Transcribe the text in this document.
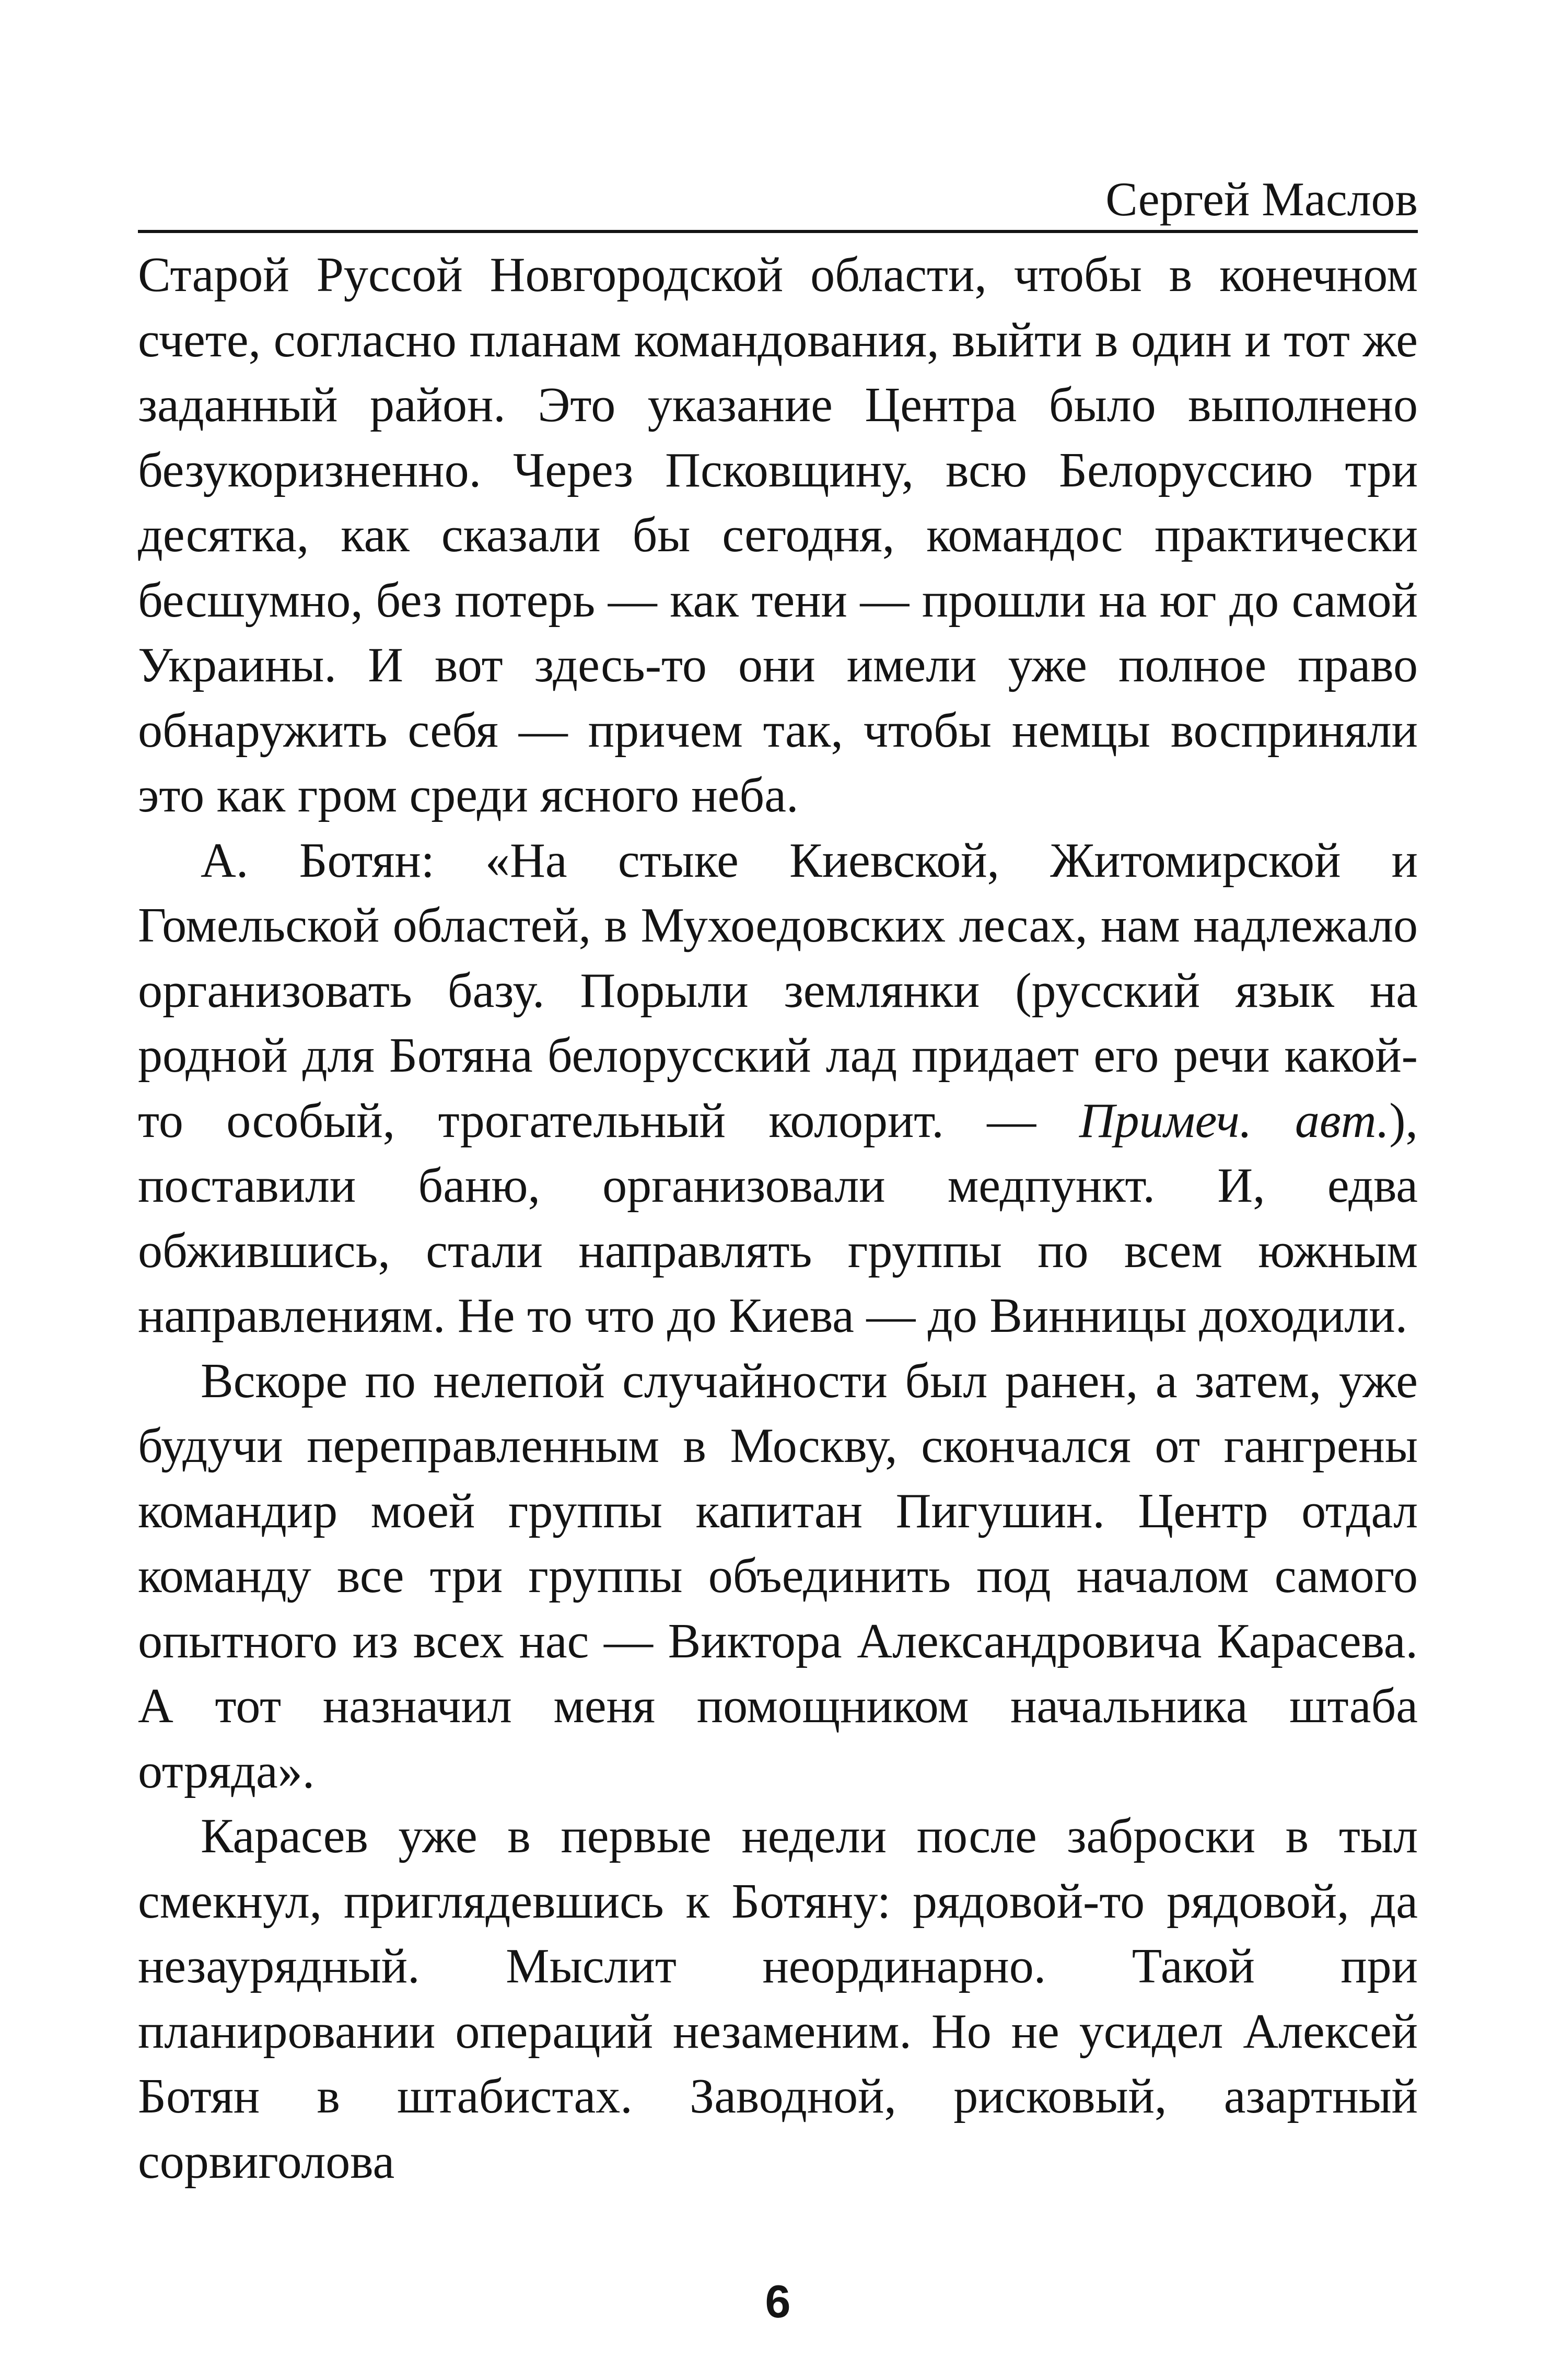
Сергей Маслов

Старой Руссой Новгородской области, чтобы в конечном счете, согласно планам командования, выйти в один и тот же заданный район. Это указание Центра было выполнено безукоризненно. Через Псковщину, всю Белоруссию три десятка, как сказали бы сегодня, командос практически бесшумно, без потерь — как тени — прошли на юг до самой Украины. И вот здесь-то они имели уже полное право обнаружить себя — причем так, чтобы немцы восприняли это как гром среди ясного неба.

А. Ботян: «На стыке Киевской, Житомирской и Гомельской областей, в Мухоедовских лесах, нам надлежало организовать базу. Порыли землянки (русский язык на родной для Ботяна белорусский лад придает его речи какой-то особый, трогательный колорит. — Примеч. авт.), поставили баню, организовали медпункт. И, едва обжившись, стали направлять группы по всем южным направлениям. Не то что до Киева — до Винницы доходили.

Вскоре по нелепой случайности был ранен, а затем, уже будучи переправленным в Москву, скончался от гангрены командир моей группы капитан Пигушин. Центр отдал команду все три группы объединить под началом самого опытного из всех нас — Виктора Александровича Карасева. А тот назначил меня помощником начальника штаба отряда».

Карасев уже в первые недели после заброски в тыл смекнул, приглядевшись к Ботяну: рядовой-то рядовой, да незаурядный. Мыслит неординарно. Такой при планировании операций незаменим. Но не усидел Алексей Ботян в штабистах. Заводной, рисковый, азартный сорвиголова

6
